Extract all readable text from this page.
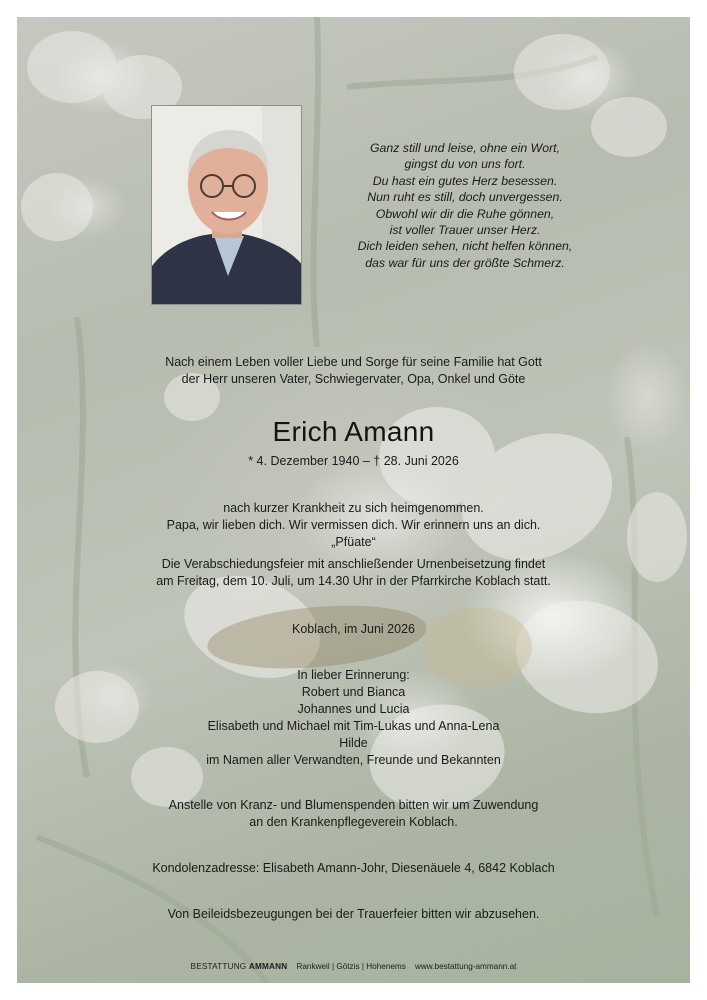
Ganz still und leise, ohne ein Wort,
gingst du von uns fort.
Du hast ein gutes Herz besessen.
Nun ruht es still, doch unvergessen.
Obwohl wir dir die Ruhe gönnen,
ist voller Trauer unser Herz.
Dich leiden sehen, nicht helfen können,
das war für uns der größte Schmerz.

Nach einem Leben voller Liebe und Sorge für seine Familie hat Gott
der Herr unseren Vater, Schwiegervater, Opa, Onkel und Göte

Erich Amann

* 4. Dezember 1940 – † 28. Juni 2026

nach kurzer Krankheit zu sich heimgenommen.
Papa, wir lieben dich. Wir vermissen dich. Wir erinnern uns an dich.
„Pfüate“

Die Verabschiedungsfeier mit anschließender Urnenbeisetzung findet
am Freitag, dem 10. Juli, um 14.30 Uhr in der Pfarrkirche Koblach statt.

Koblach, im Juni 2026

In lieber Erinnerung:
Robert und Bianca
Johannes und Lucia
Elisabeth und Michael mit Tim-Lukas und Anna-Lena
Hilde
im Namen aller Verwandten, Freunde und Bekannten

Anstelle von Kranz- und Blumenspenden bitten wir um Zuwendung
an den Krankenpflegeverein Koblach.

Kondolenzadresse: Elisabeth Amann-Johr, Diesenäuele 4, 6842 Koblach

Von Beileidsbezeugungen bei der Trauerfeier bitten wir abzusehen.

BESTATTUNG AMMANN Rankweil | Götzis | Hohenems www.bestattung-ammann.at
